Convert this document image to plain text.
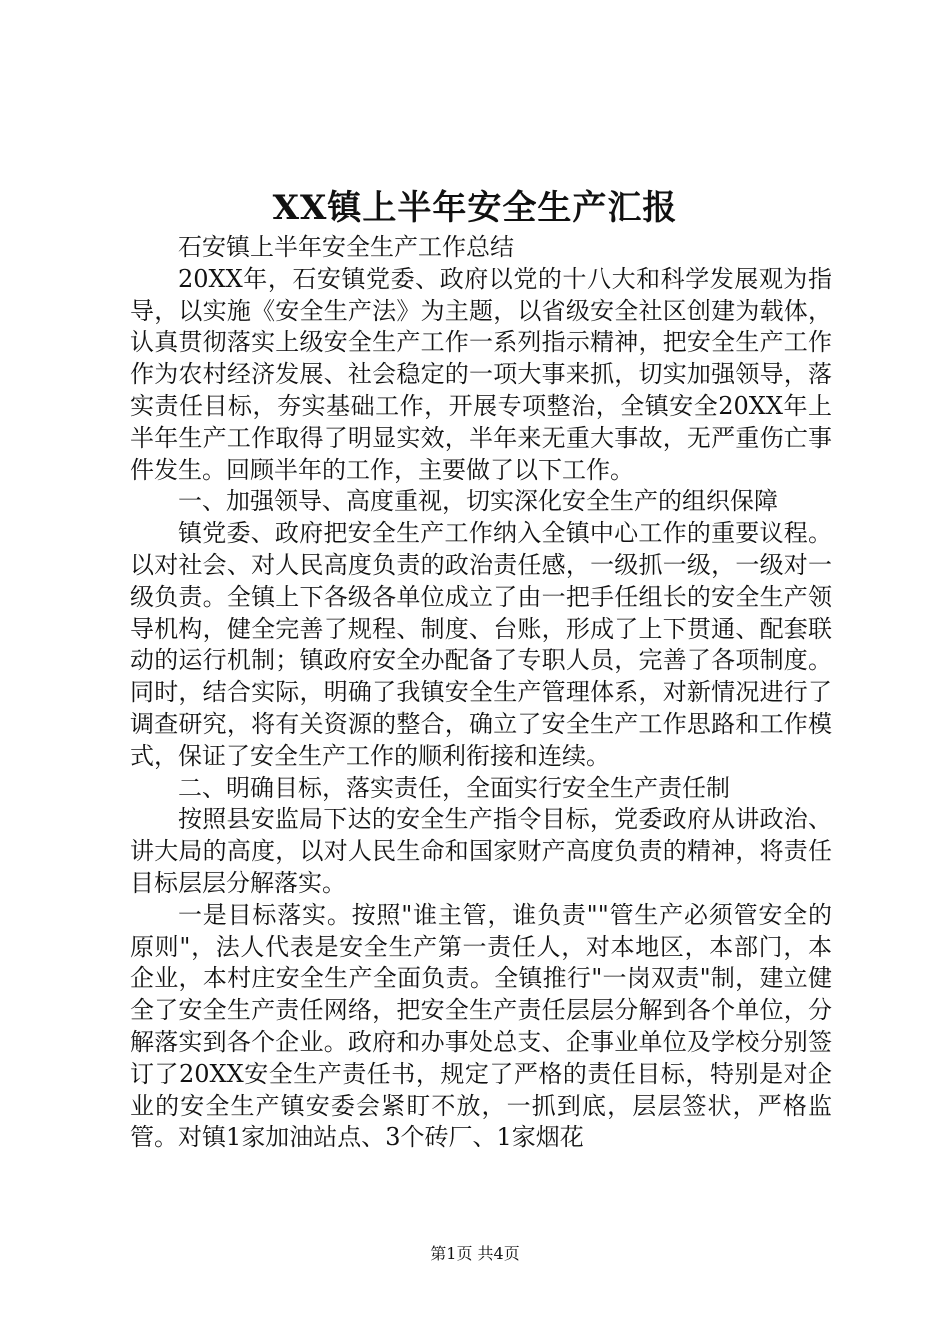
XX镇上半年安全生产汇报

石安镇上半年安全生产工作总结

20XX年，石安镇党委、政府以党的十八大和科学发展观为指导，以实施《安全生产法》为主题，以省级安全社区创建为载体，认真贯彻落实上级安全生产工作一系列指示精神，把安全生产工作作为农村经济发展、社会稳定的一项大事来抓，切实加强领导，落实责任目标，夯实基础工作，开展专项整治，全镇安全20XX年上半年生产工作取得了明显实效，半年来无重大事故，无严重伤亡事件发生。回顾半年的工作，主要做了以下工作。

一、加强领导、高度重视，切实深化安全生产的组织保障

镇党委、政府把安全生产工作纳入全镇中心工作的重要议程。以对社会、对人民高度负责的政治责任感，一级抓一级，一级对一级负责。全镇上下各级各单位成立了由一把手任组长的安全生产领导机构，健全完善了规程、制度、台账，形成了上下贯通、配套联动的运行机制；镇政府安全办配备了专职人员，完善了各项制度。同时，结合实际，明确了我镇安全生产管理体系，对新情况进行了调查研究，将有关资源的整合，确立了安全生产工作思路和工作模式，保证了安全生产工作的顺利衔接和连续。

二、明确目标，落实责任，全面实行安全生产责任制

按照县安监局下达的安全生产指令目标，党委政府从讲政治、讲大局的高度，以对人民生命和国家财产高度负责的精神，将责任目标层层分解落实。

一是目标落实。按照"谁主管，谁负责""管生产必须管安全的原则"，法人代表是安全生产第一责任人，对本地区，本部门，本企业，本村庄安全生产全面负责。全镇推行"一岗双责"制，建立健全了安全生产责任网络，把安全生产责任层层分解到各个单位，分解落实到各个企业。政府和办事处总支、企事业单位及学校分别签订了20XX安全生产责任书，规定了严格的责任目标，特别是对企业的安全生产镇安委会紧盯不放，一抓到底，层层签状，严格监管。对镇1家加油站点、3个砖厂、1家烟花

第1页 共4页
